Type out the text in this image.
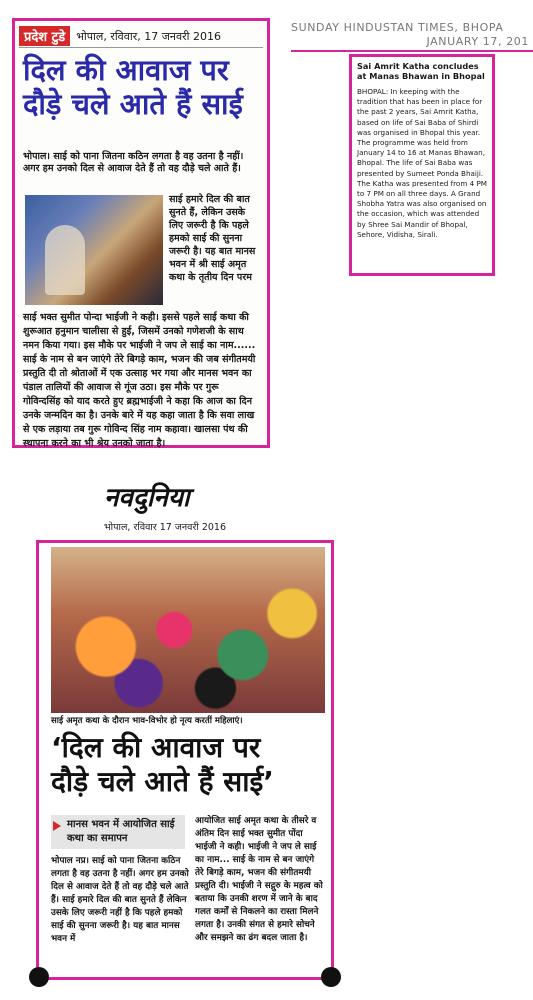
प्रदेश टुडे	भोपाल, रविवार, 17 जनवरी 2016
दिल की आवाज पर
दौड़े चले आते हैं साई
भोपाल। साई को पाना जितना कठिन लगता है वह उतना है नहीं। अगर हम उनको दिल से आवाज देते हैं तो वह दौड़े चले आते हैं।
साई हमारे दिल की बात सुनते हैं, लेकिन उसके लिए जरूरी है कि पहले हमको साई की सुनना जरूरी है। यह बात मानस भवन में श्री साई अमृत कथा के तृतीय दिन परम
साई भक्त सुमीत पोन्दा भाईजी ने कही। इससे पहले साई कथा की शुरूआत हनुमान चालीसा से हुई, जिसमें उनको गणेशजी के साथ नमन किया गया। इस मौके पर भाईजी ने जप ले साई का नाम...... साई के नाम से बन जाएंगे तेरे बिगड़े काम, भजन की जब संगीतमयी प्रस्तुति दी तो श्रोताओं में एक उत्साह भर गया और मानस भवन का पंडाल तालियों की आवाज से गूंज उठा। इस मौके पर गुरू गोविन्दसिंह को याद करते हुए ब्रह्मभाईजी ने कहा कि आज का दिन उनके जन्मदिन का है। उनके बारे में यह कहा जाता है कि सवा लाख से एक लड़ाया तब गुरू गोविन्द सिंह नाम कहावा। खालसा पंथ की स्थापना करने का भी श्रेय उनको जाता है।
SUNDAY HINDUSTAN TIMES, BHOPA
JANUARY 17, 201
Sai Amrit Katha concludes at Manas Bhawan in Bhopal
BHOPAL: In keeping with the tradition that has been in place for the past 2 years, Sai Amrit Katha, based on life of Sai Baba of Shirdi was organised in Bhopal this year. The programme was held from January 14 to 16 at Manas Bhawan, Bhopal. The life of Sai Baba was presented by Sumeet Ponda Bhaiji. The Katha was presented from 4 PM to 7 PM on all three days. A Grand Shobha Yatra was also organised on the occasion, which was attended by Shree Sai Mandir of Bhopal, Sehore, Vidisha, Sirali.
नवदुनिया
भोपाल, रविवार 17 जनवरी 2016
साई अमृत कथा के दौरान भाव-विभोर हो नृत्य करतीं महिलाएं।
‘दिल की आवाज पर
दौड़े चले आते हैं साई’
मानस भवन में आयोजित साई कथा का समापन
भोपाल नप्र। साई को पाना जितना कठिन लगता है वह उतना है नहीं। अगर हम उनको दिल से आवाज देते हैं तो वह दौड़े चले आते हैं। साई हमारे दिल की बात सुनते हैं लेकिन उसके लिए जरूरी नहीं है कि पहले हमको साई की सुनना जरूरी है। यह बात मानस भवन में
आयोजित साई अमृत कथा के तीसरे व अंतिम दिन साई भक्त सुमीत पोंदा भाईजी ने कही। भाईजी ने जप ले साई का नाम... साई के नाम से बन जाएंगे तेरे बिगड़े काम, भजन की संगीतमयी प्रस्तुति दी। भाईजी ने सद्गुरु के महत्व को बताया कि उनकी शरण में जाने के बाद गलत कर्मों से निकलने का रास्ता मिलने लगता है। उनकी संगत से हमारे सोचने और समझने का ढंग बदल जाता है।
